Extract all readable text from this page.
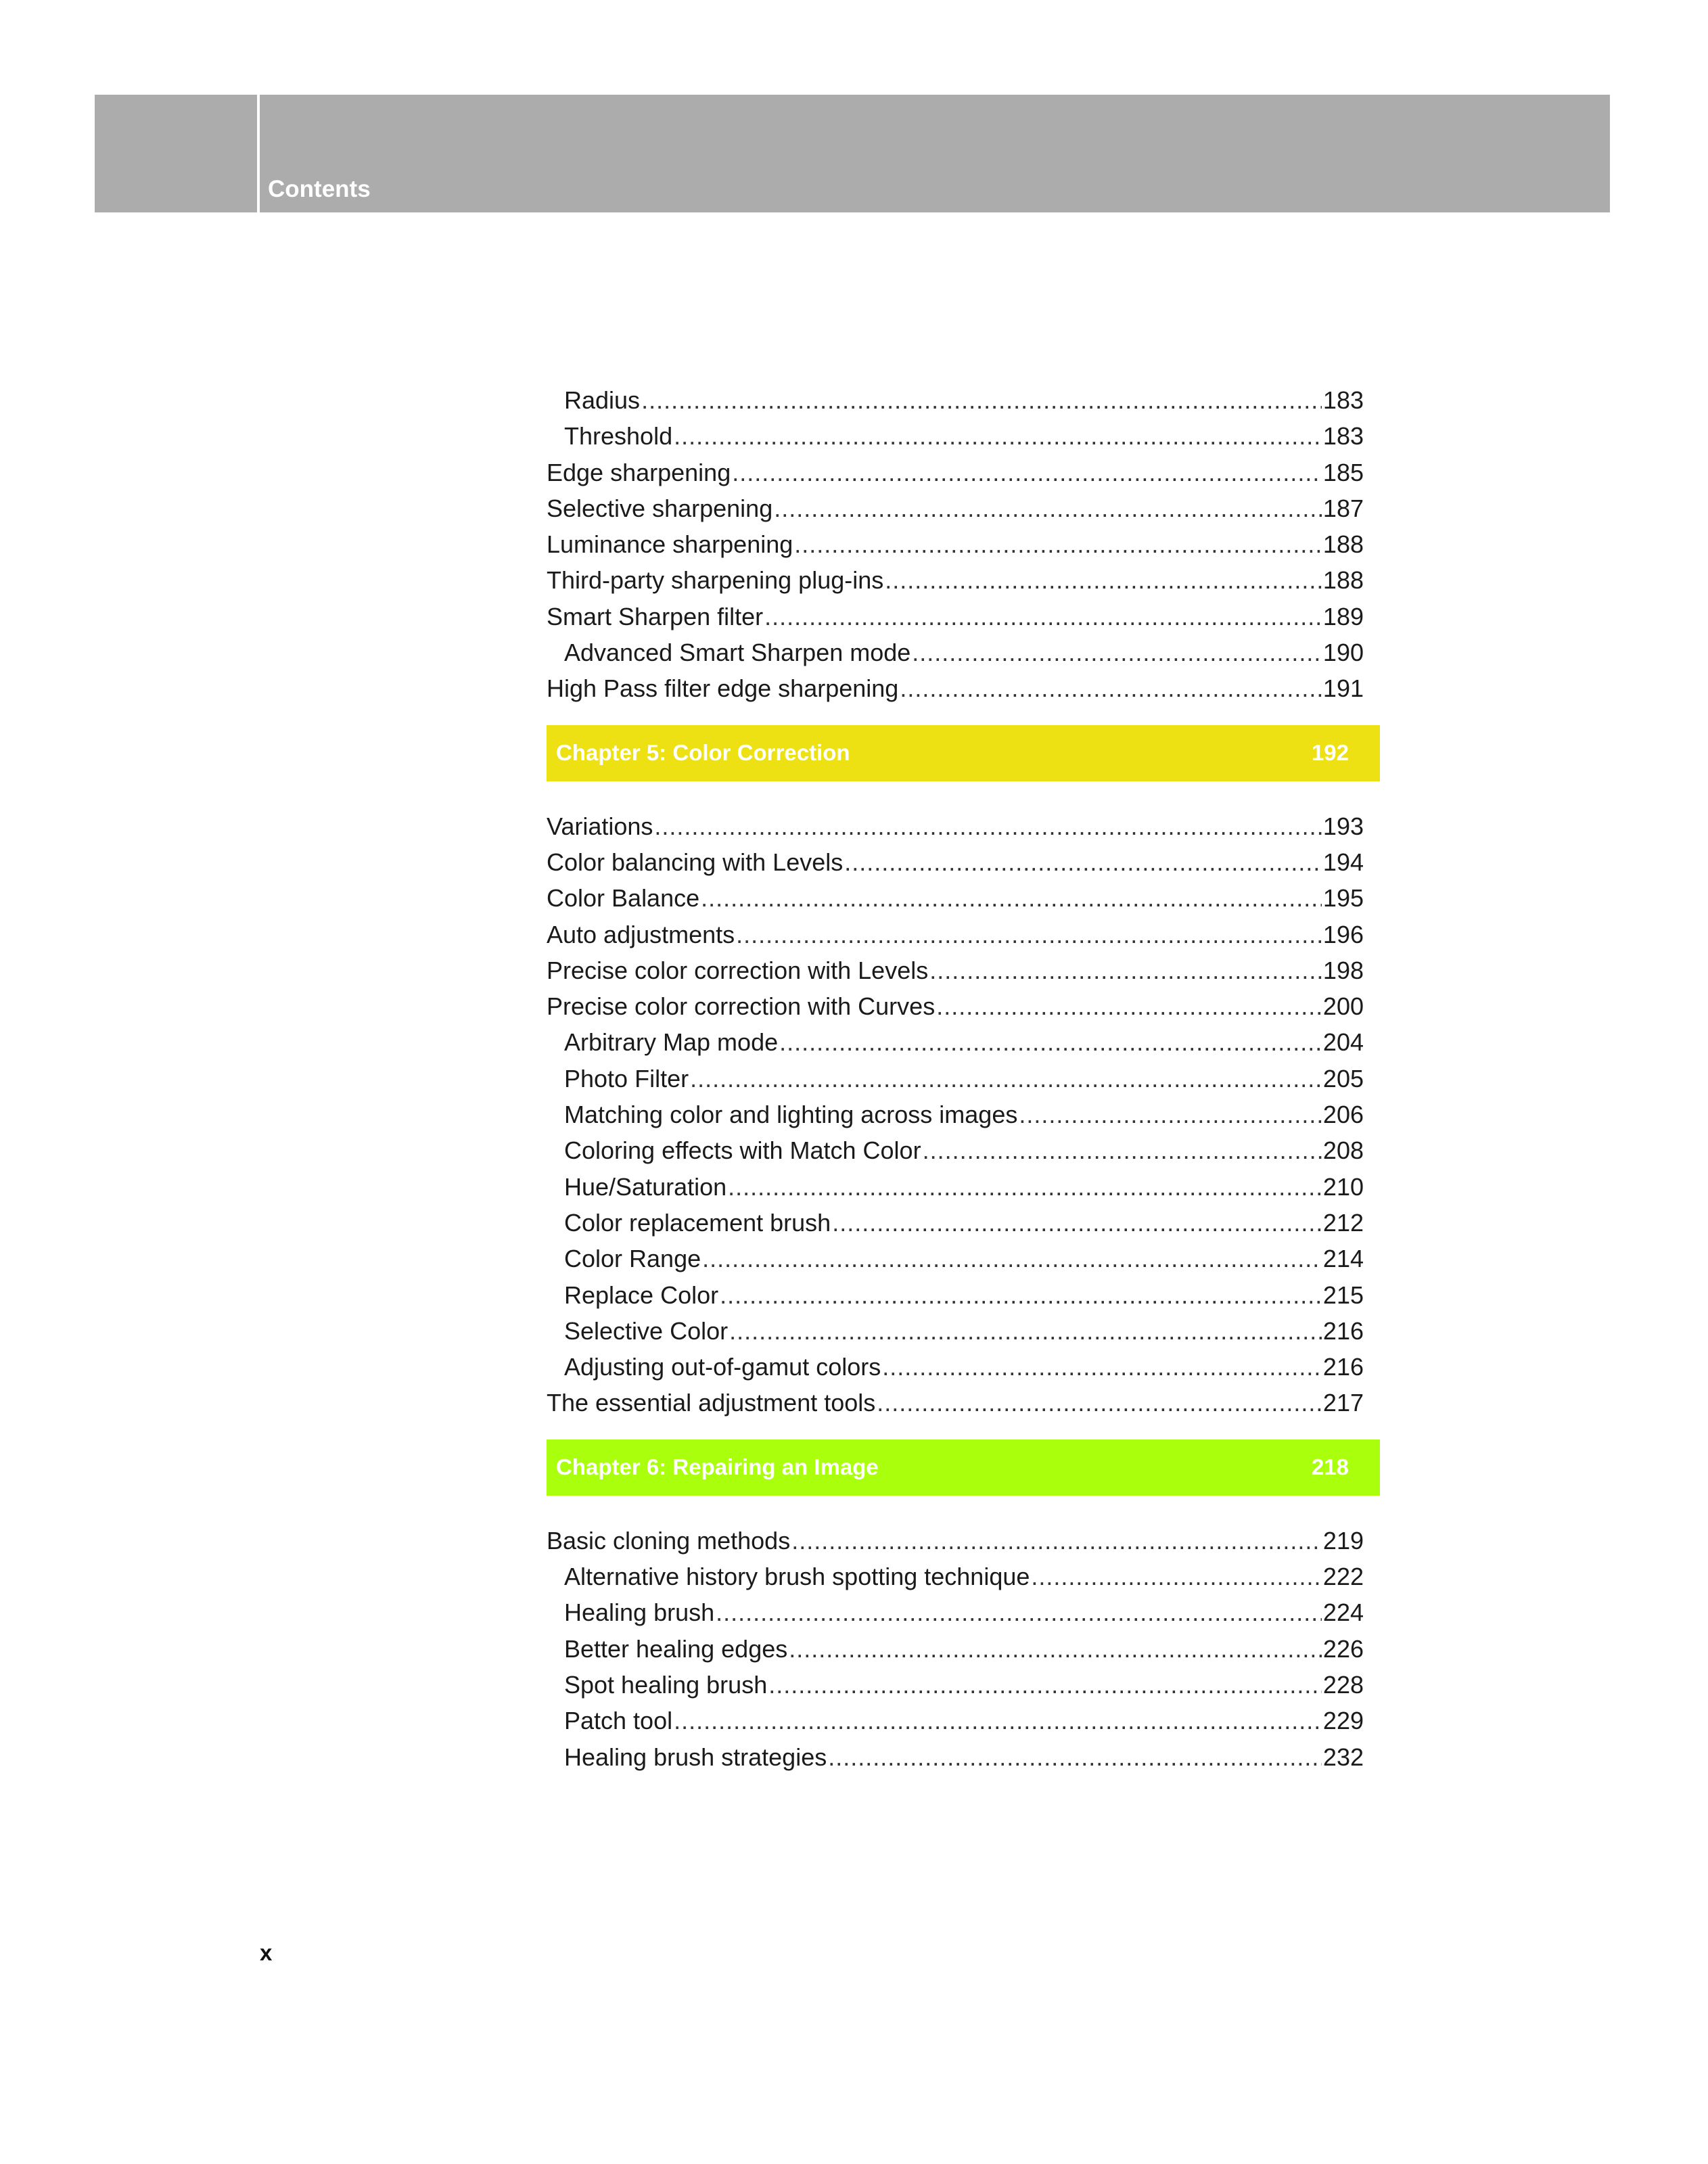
Contents
Radius .....	183
Threshold .....	183
Edge sharpening .....	185
Selective sharpening .....	187
Luminance sharpening .....	188
Third-party sharpening plug-ins .....	188
Smart Sharpen filter .....	189
Advanced Smart Sharpen mode .....	190
High Pass filter edge sharpening .....	191
Chapter 5: Color Correction	192
Variations .....	193
Color balancing with Levels .....	194
Color Balance .....	195
Auto adjustments .....	196
Precise color correction with Levels .....	198
Precise color correction with Curves .....	200
Arbitrary Map mode .....	204
Photo Filter .....	205
Matching color and lighting across images .....	206
Coloring effects with Match Color .....	208
Hue/Saturation .....	210
Color replacement brush .....	212
Color Range .....	214
Replace Color .....	215
Selective Color .....	216
Adjusting out-of-gamut colors .....	216
The essential adjustment tools .....	217
Chapter 6: Repairing an Image	218
Basic cloning methods .....	219
Alternative history brush spotting technique .....	222
Healing brush .....	224
Better healing edges .....	226
Spot healing brush .....	228
Patch tool .....	229
Healing brush strategies .....	232
x
